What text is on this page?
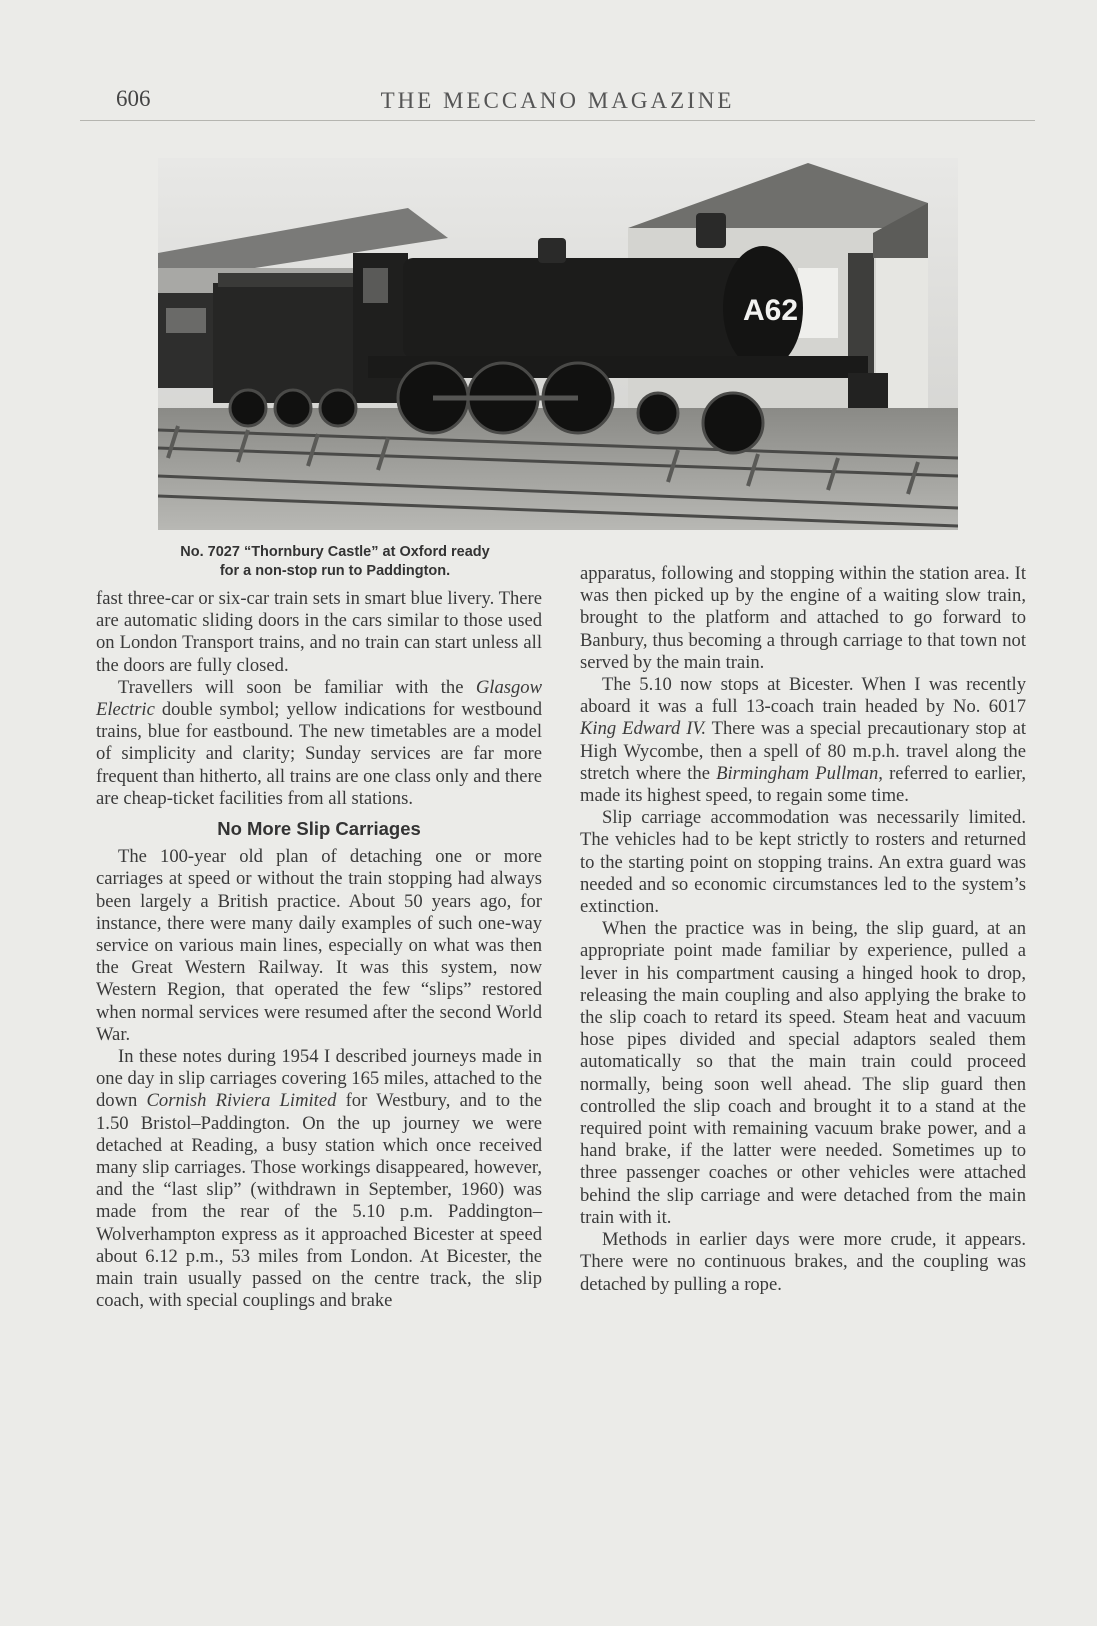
606	THE MECCANO MAGAZINE
A62
No. 7027 “Thornbury Castle” at Oxford ready
for a non-stop run to Paddington.

fast three-car or six-car train sets in smart blue livery. There are automatic sliding doors in the cars similar to those used on London Transport trains, and no train can start unless all the doors are fully closed.

Travellers will soon be familiar with the Glasgow Electric double symbol; yellow indications for westbound trains, blue for eastbound. The new timetables are a model of simplicity and clarity; Sunday services are far more frequent than hitherto, all trains are one class only and there are cheap-ticket facilities from all stations.

No More Slip Carriages

The 100-year old plan of detaching one or more carriages at speed or without the train stopping had always been largely a British practice. About 50 years ago, for instance, there were many daily examples of such one-way service on various main lines, especially on what was then the Great Western Railway. It was this system, now Western Region, that operated the few “slips” restored when normal services were resumed after the second World War.

In these notes during 1954 I described journeys made in one day in slip carriages covering 165 miles, attached to the down Cornish Riviera Limited for Westbury, and to the 1.50 Bristol–Paddington. On the up journey we were detached at Reading, a busy station which once received many slip carriages. Those workings disappeared, however, and the “last slip” (withdrawn in September, 1960) was made from the rear of the 5.10 p.m. Paddington–Wolverhampton express as it approached Bicester at speed about 6.12 p.m., 53 miles from London. At Bicester, the main train usually passed on the centre track, the slip coach, with special couplings and brake

apparatus, following and stopping within the station area. It was then picked up by the engine of a waiting slow train, brought to the platform and attached to go forward to Banbury, thus becoming a through carriage to that town not served by the main train.

The 5.10 now stops at Bicester. When I was recently aboard it was a full 13-coach train headed by No. 6017 King Edward IV. There was a special precautionary stop at High Wycombe, then a spell of 80 m.p.h. travel along the stretch where the Birmingham Pullman, referred to earlier, made its highest speed, to regain some time.

Slip carriage accommodation was necessarily limited. The vehicles had to be kept strictly to rosters and returned to the starting point on stopping trains. An extra guard was needed and so economic circumstances led to the system’s extinction.

When the practice was in being, the slip guard, at an appropriate point made familiar by experience, pulled a lever in his compartment causing a hinged hook to drop, releasing the main coupling and also applying the brake to the slip coach to retard its speed. Steam heat and vacuum hose pipes divided and special adaptors sealed them automatically so that the main train could proceed normally, being soon well ahead. The slip guard then controlled the slip coach and brought it to a stand at the required point with remaining vacuum brake power, and a hand brake, if the latter were needed. Sometimes up to three passenger coaches or other vehicles were attached behind the slip carriage and were detached from the main train with it.

Methods in earlier days were more crude, it appears. There were no continuous brakes, and the coupling was detached by pulling a rope.
